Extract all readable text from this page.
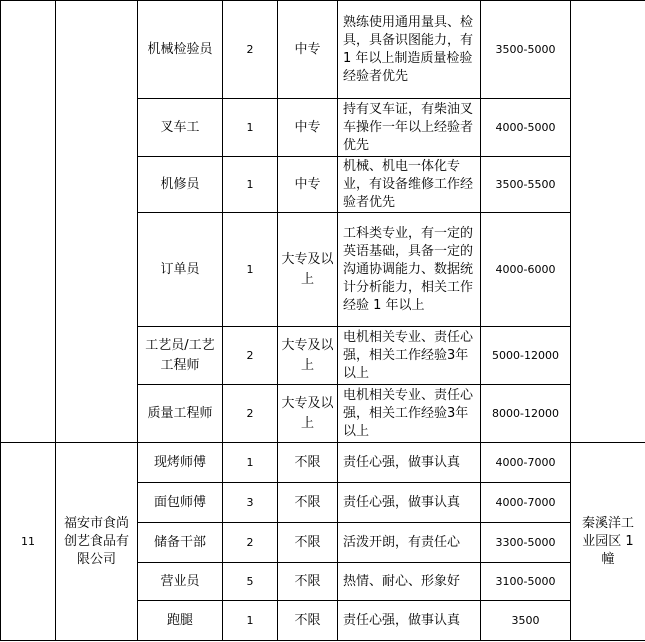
		机械检验员	2	中专	熟练使用通用量具、检具，具备识图能力，有 1 年以上制造质量检验经验者优先	3500-5000	
		叉车工	1	中专	持有叉车证，有柴油叉车操作一年以上经验者优先	4000-5000	
		机修员	1	中专	机械、机电一体化专业，有设备维修工作经验者优先	3500-5500	
		订单员	1	大专及以上	工科类专业，有一定的英语基础，具备一定的沟通协调能力、数据统计分析能力，相关工作经验 1 年以上	4000-6000	

		工艺员/工艺工程师	2	大专及以上	电机相关专业、责任心强，相关工作经验3年以上	5000-12000	
		质量工程师	2	大专及以上	电机相关专业、责任心强，相关工作经验3年以上	8000-12000	
11	福安市食尚创艺食品有限公司	现烤师傅	1	不限	责任心强，做事认真	4000-7000	秦溪洋工业园区 1 幢
		面包师傅	3	不限	责任心强，做事认真	4000-7000	
		储备干部	2	不限	活泼开朗，有责任心	3300-5000	
		营业员	5	不限	热情、耐心、形象好	3100-5000	
		跑腿	1	不限	责任心强，做事认真	3500	
